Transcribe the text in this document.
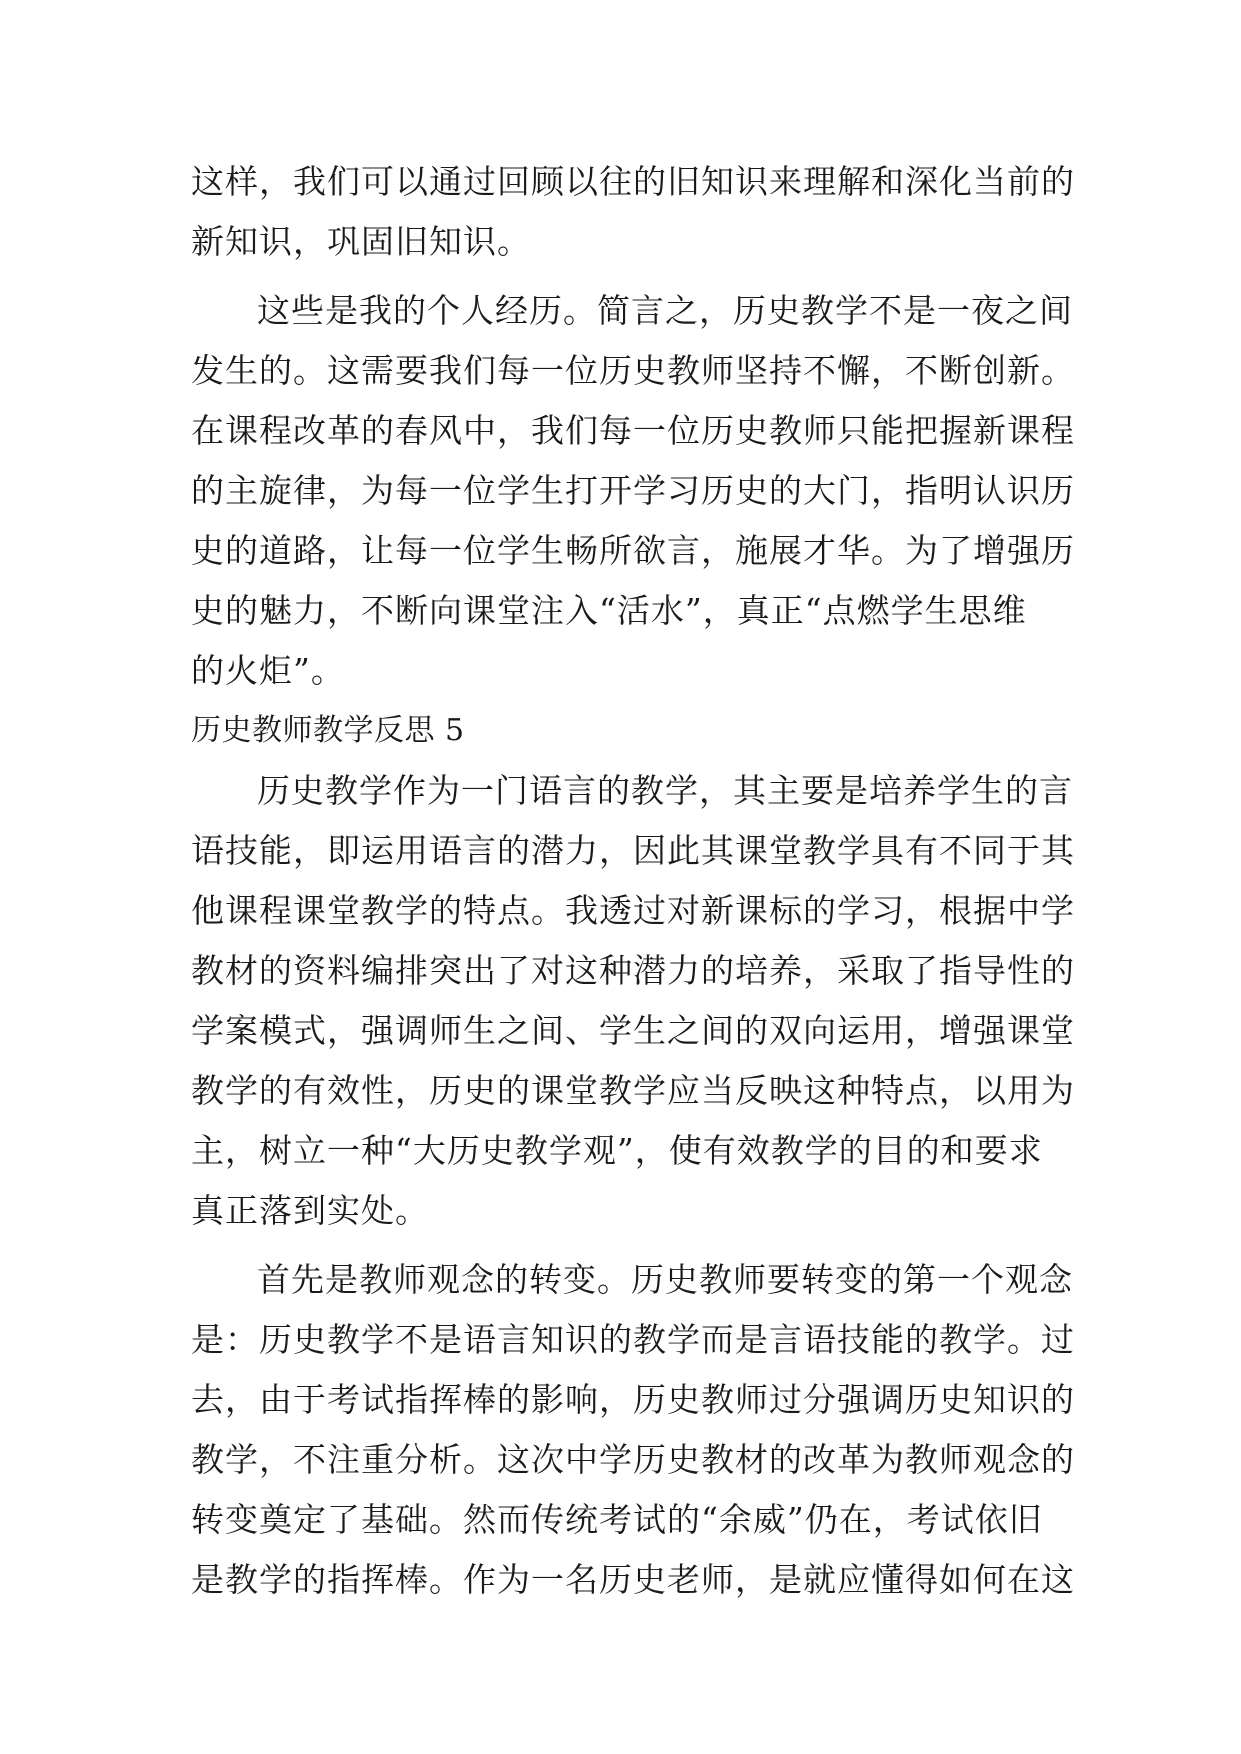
这样，我们可以通过回顾以往的旧知识来理解和深化当前的
新知识，巩固旧知识。
这些是我的个人经历。简言之，历史教学不是一夜之间
发生的。这需要我们每一位历史教师坚持不懈，不断创新。
在课程改革的春风中，我们每一位历史教师只能把握新课程
的主旋律，为每一位学生打开学习历史的大门，指明认识历
史的道路，让每一位学生畅所欲言，施展才华。为了增强历
史的魅力，不断向课堂注入“活水”，真正“点燃学生思维
的火炬”。
历史教师教学反思 5
历史教学作为一门语言的教学，其主要是培养学生的言
语技能，即运用语言的潜力，因此其课堂教学具有不同于其
他课程课堂教学的特点。我透过对新课标的学习，根据中学
教材的资料编排突出了对这种潜力的培养，采取了指导性的
学案模式，强调师生之间、学生之间的双向运用，增强课堂
教学的有效性，历史的课堂教学应当反映这种特点，以用为
主，树立一种“大历史教学观”，使有效教学的目的和要求
真正落到实处。
首先是教师观念的转变。历史教师要转变的第一个观念
是：历史教学不是语言知识的教学而是言语技能的教学。过
去，由于考试指挥棒的影响，历史教师过分强调历史知识的
教学，不注重分析。这次中学历史教材的改革为教师观念的
转变奠定了基础。然而传统考试的“余威”仍在，考试依旧
是教学的指挥棒。作为一名历史老师，是就应懂得如何在这
